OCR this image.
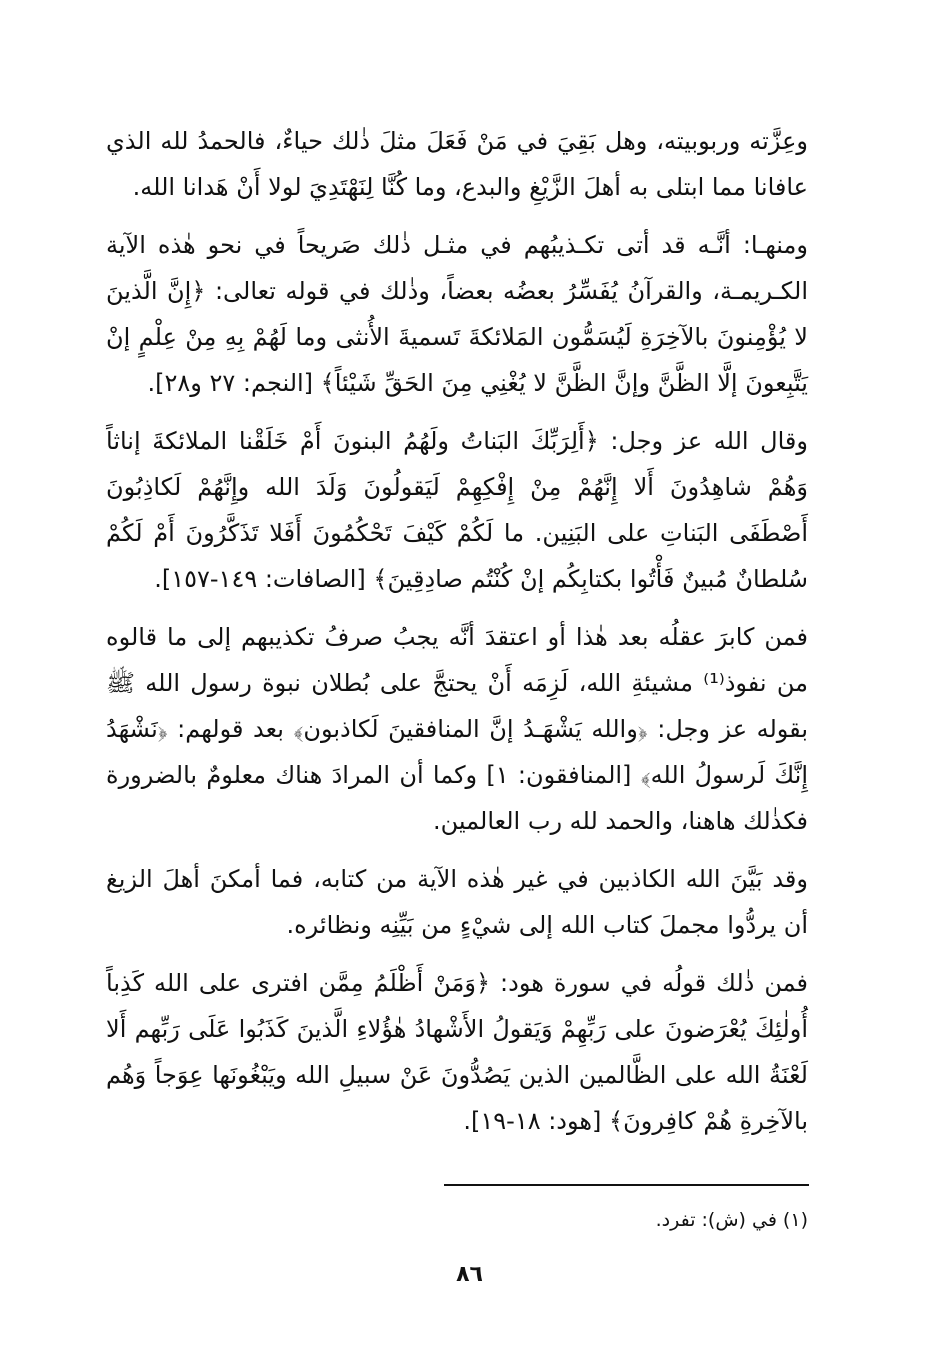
وعِزَّته وربوبيته، وهل بَقِيَ في مَنْ فَعَلَ مثلَ ذٰلك حياءٌ، فالحمدُ لله الذي عافانا مما ابتلى به أهلَ الزَّيْغِ والبدع، وما كُنَّا لِنَهْتَدِيَ لولا أَنْ هَدانا الله.

ومنهـا: أنَّـه قد أتى تكـذيبُهم في مثـل ذٰلك صَريحاً في نحو هٰذه الآية الكـريمـة، والقرآنُ يُفَسِّرُ بعضُه بعضاً، وذٰلك في قوله تعالى: ﴿إِنَّ الَّذينَ لا يُؤْمِنونَ بالآخِرَةِ لَيُسَمُّون المَلائكةَ تَسميةَ الأُنثى وما لَهُمْ بِهِ مِنْ عِلْمٍ إنْ يَتَّبِعونَ إلَّا الظَّنَّ وإنَّ الظَّنَّ لا يُغْنِي مِنَ الحَقِّ شَيْئاً﴾ [النجم: ٢٧ و٢٨].

وقال الله عز وجل: ﴿أَلِرَبِّكَ البَناتُ ولَهُمُ البنونَ أَمْ خَلَقْنا الملائكةَ إناثاً وَهُمْ شاهِدُونَ أَلا إِنَّهُمْ مِنْ إِفْكِهِمْ لَيَقولُونَ وَلَدَ الله وإِنَّهُمْ لَكاذِبُونَ أَصْطَفَى البَناتِ على البَنِين. ما لَكُمْ كَيْفَ تَحْكُمُونَ أَفَلا تَذَكَّرُونَ أَمْ لَكُمْ سُلطانٌ مُبينٌ فَأْتُوا بكتابِكُم إنْ كُنْتُم صادِقِينَ﴾ [الصافات: ١٤٩-١٥٧].

فمن كابرَ عقلُه بعد هٰذا أو اعتقدَ أنَّه يجبُ صرفُ تكذيبهم إلى ما قالوه من نفوذ⁽¹⁾ مشيئةِ الله، لَزِمَه أَنْ يحتجَّ على بُطلان نبوة رسول الله ﷺ بقوله عز وجل: ﴿والله يَشْهَـدُ إنَّ المنافقينَ لَكاذبون﴾ بعد قولهم: ﴿نَشْهَدُ إِنَّكَ لَرسولُ الله﴾ [المنافقون: ١] وكما أن المرادَ هناك معلومٌ بالضرورة فكذٰلك هاهنا، والحمد لله رب العالمين.

وقد بَيَّنَ الله الكاذبين في غير هٰذه الآية من كتابه، فما أمكنَ أهلَ الزيغ أن يردُّوا مجملَ كتاب الله إلى شيْءٍ من بَيِّنِه ونظائره.

فمن ذٰلك قولُه في سورة هود: ﴿وَمَنْ أَظْلَمُ مِمَّن افترى على الله كَذِباً أُولٰئِكَ يُعْرَضونَ على رَبِّهِمْ وَيَقولُ الأَشْهادُ هٰؤُلاءِ الَّذينَ كَذَبُوا عَلَى رَبِّهم أَلا لَعْنَةُ الله على الظَّالمين الذين يَصُدُّونَ عَنْ سبيلِ الله ويَبْغُونَها عِوَجاً وَهُم بالآخِرةِ هُمْ كافِرونَ﴾ [هود: ١٨-١٩].

(١) في (ش): تفرد.

٨٦
